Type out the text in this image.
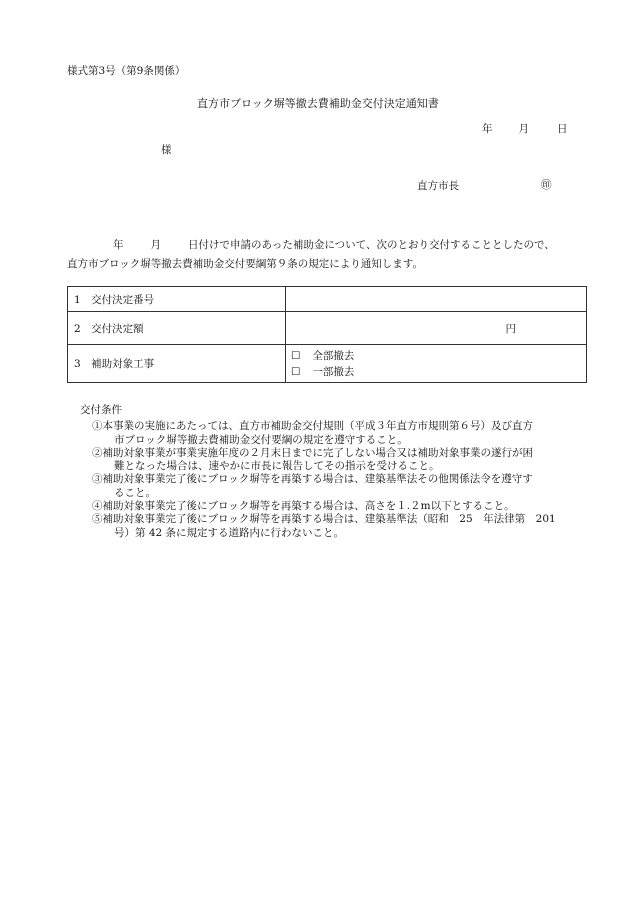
様式第3号（第9条関係）
直方市ブロック塀等撤去費補助金交付決定通知書
年 月	日
様
直方市長	㊞
年	月	日付けで申請のあった補助金について、次のとおり交付することとしたので、
直方市ブロック塀等撤去費補助金交付要綱第９条の規定により通知します。
1　交付決定番号	
2　交付決定額	円
3　補助対象工事	☐ 全部撤去
☐ 一部撤去
交付条件
①本事業の実施にあたっては、直方市補助金交付規則（平成３年直方市規則第６号）及び直方
市ブロック塀等撤去費補助金交付要綱の規定を遵守すること。
②補助対象事業が事業実施年度の２月末日までに完了しない場合又は補助対象事業の遂行が困
難となった場合は、速やかに市長に報告してその指示を受けること。
③補助対象事業完了後にブロック塀等を再築する場合は、建築基準法その他関係法令を遵守す
ること。
④補助対象事業完了後にブロック塀等を再築する場合は、高さを１.２m以下とすること。
⑤補助対象事業完了後にブロック塀等を再築する場合は、建築基準法（昭和　25　年法律第　201
号）第 42 条に規定する道路内に行わないこと。
